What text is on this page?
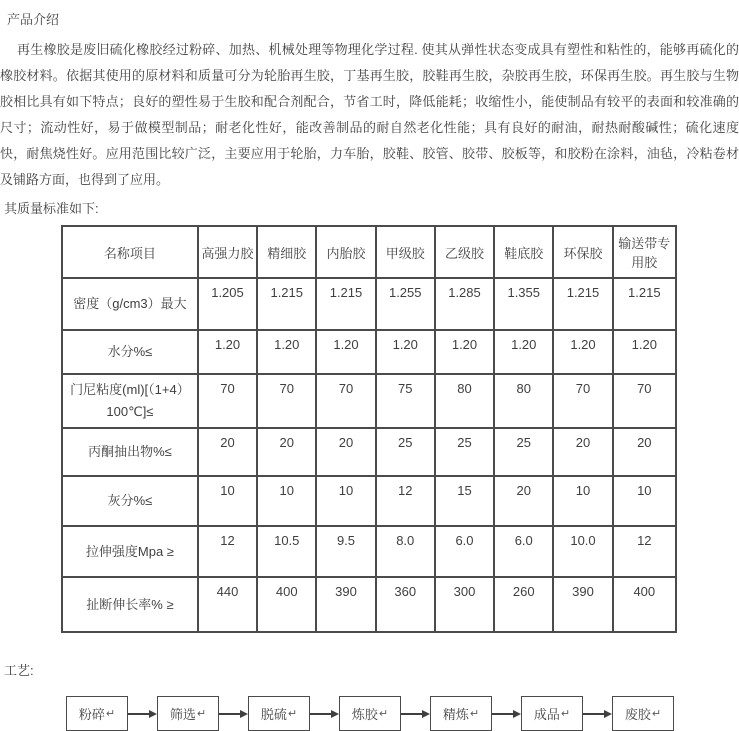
产品介绍

再生橡胶是废旧硫化橡胶经过粉碎、加热、机械处理等物理化学过程. 使其从弹性状态变成具有塑性和粘性的，能够再硫化的橡胶材料。依据其使用的原材料和质量可分为轮胎再生胶，丁基再生胶，胶鞋再生胶，杂胶再生胶，环保再生胶。再生胶与生物胶相比具有如下特点；良好的塑性易于生胶和配合剂配合，节省工时，降低能耗；收缩性小，能使制品有较平的表面和较准确的尺寸；流动性好，易于做模型制品；耐老化性好，能改善制品的耐自然老化性能；具有良好的耐油，耐热耐酸碱性；硫化速度快，耐焦烧性好。应用范围比较广泛，主要应用于轮胎，力车胎，胶鞋、胶管、胶带、胶板等，和胶粉在涂料，油毡，冷粘卷材及铺路方面，也得到了应用。

其质量标准如下:
名称项目	高强力胶	精细胶	内胎胶	甲级胶	乙级胶	鞋底胶	环保胶	输送带专用胶
密度（g/cm3）最大	1.205	1.215	1.215	1.255	1.285	1.355	1.215	1.215
水分%≤	1.20	1.20	1.20	1.20	1.20	1.20	1.20	1.20
门尼粘度(ml)[（1+4）100℃]≤	70	70	70	75	80	80	70	70
丙酮抽出物%≤	20	20	20	25	25	25	20	20
灰分%≤	10	10	10	12	15	20	10	10
拉伸强度Mpa ≥	12	10.5	9.5	8.0	6.0	6.0	10.0	12
扯断伸长率% ≥	440	400	390	360	300	260	390	400
工艺:
粉碎 ↵	筛选 ↵	脱硫 ↵	炼胶 ↵	精炼 ↵	成品 ↵	废胶 ↵
